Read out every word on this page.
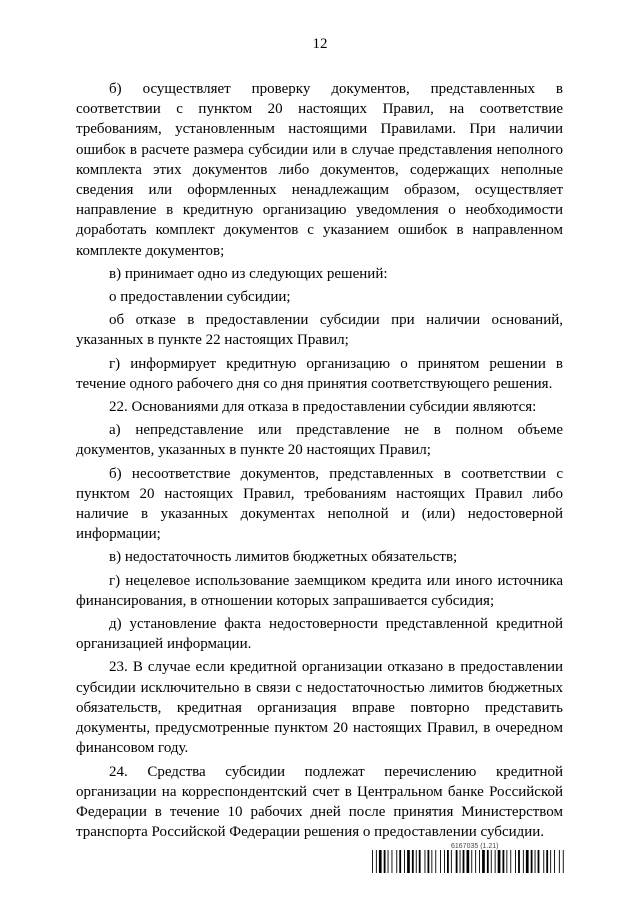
12

б) осуществляет проверку документов, представленных в соответствии с пунктом 20 настоящих Правил, на соответствие требованиям, установленным настоящими Правилами. При наличии ошибок в расчете размера субсидии или в случае представления неполного комплекта этих документов либо документов, содержащих неполные сведения или оформленных ненадлежащим образом, осуществляет направление в кредитную организацию уведомления о необходимости доработать комплект документов с указанием ошибок в направленном комплекте документов;

в) принимает одно из следующих решений:

о предоставлении субсидии;

об отказе в предоставлении субсидии при наличии оснований, указанных в пункте 22 настоящих Правил;

г) информирует кредитную организацию о принятом решении в течение одного рабочего дня со дня принятия соответствующего решения.

22. Основаниями для отказа в предоставлении субсидии являются:

а) непредставление или представление не в полном объеме документов, указанных в пункте 20 настоящих Правил;

б) несоответствие документов, представленных в соответствии с пунктом 20 настоящих Правил, требованиям настоящих Правил либо наличие в указанных документах неполной и (или) недостоверной информации;

в) недостаточность лимитов бюджетных обязательств;

г) нецелевое использование заемщиком кредита или иного источника финансирования, в отношении которых запрашивается субсидия;

д) установление факта недостоверности представленной кредитной организацией информации.

23. В случае если кредитной организации отказано в предоставлении субсидии исключительно в связи с недостаточностью лимитов бюджетных обязательств, кредитная организация вправе повторно представить документы, предусмотренные пунктом 20 настоящих Правил, в очередном финансовом году.

24. Средства субсидии подлежат перечислению кредитной организации на корреспондентский счет в Центральном банке Российской Федерации в течение 10 рабочих дней после принятия Министерством транспорта Российской Федерации решения о предоставлении субсидии.

6167035 (1.21)
